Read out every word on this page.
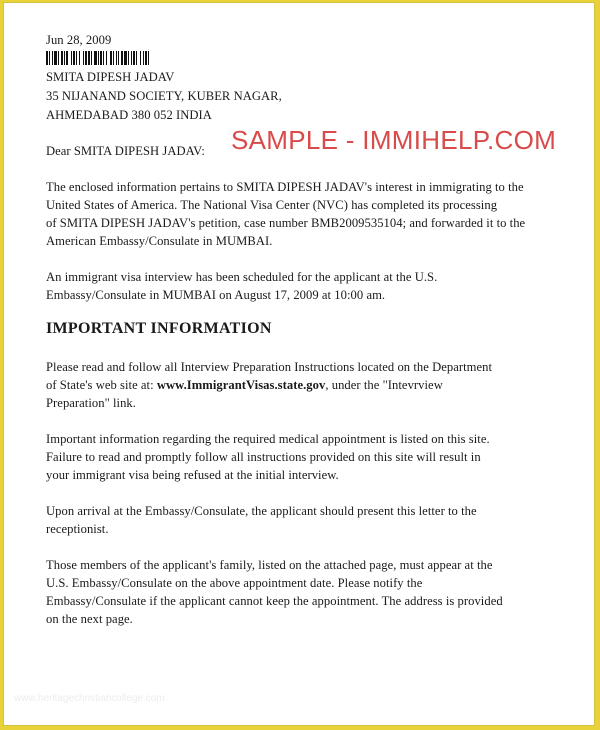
Jun 28, 2009
SMITA DIPESH JADAV
35 NIJANAND SOCIETY, KUBER NAGAR,
AHMEDABAD 380 052 INDIA
Dear SMITA DIPESH JADAV: SAMPLE - IMMIHELP.COM
The enclosed information pertains to SMITA DIPESH JADAV's interest in immigrating to the
United States of America. The National Visa Center (NVC) has completed its processing
of SMITA DIPESH JADAV's petition, case number BMB2009535104; and forwarded it to the
American Embassy/Consulate in MUMBAI.
An immigrant visa interview has been scheduled for the applicant at the U.S.
Embassy/Consulate in MUMBAI on August 17, 2009 at 10:00 am.
IMPORTANT INFORMATION
Please read and follow all Interview Preparation Instructions located on the Department
of State's web site at: www.ImmigrantVisas.state.gov, under the "Intevrview
Preparation" link.
Important information regarding the required medical appointment is listed on this site.
Failure to read and promptly follow all instructions provided on this site will result in
your immigrant visa being refused at the initial interview.
Upon arrival at the Embassy/Consulate, the applicant should present this letter to the
receptionist.
Those members of the applicant's family, listed on the attached page, must appear at the
U.S. Embassy/Consulate on the above appointment date. Please notify the
Embassy/Consulate if the applicant cannot keep the appointment. The address is provided
on the next page.
www.heritagechristiancollege.com
